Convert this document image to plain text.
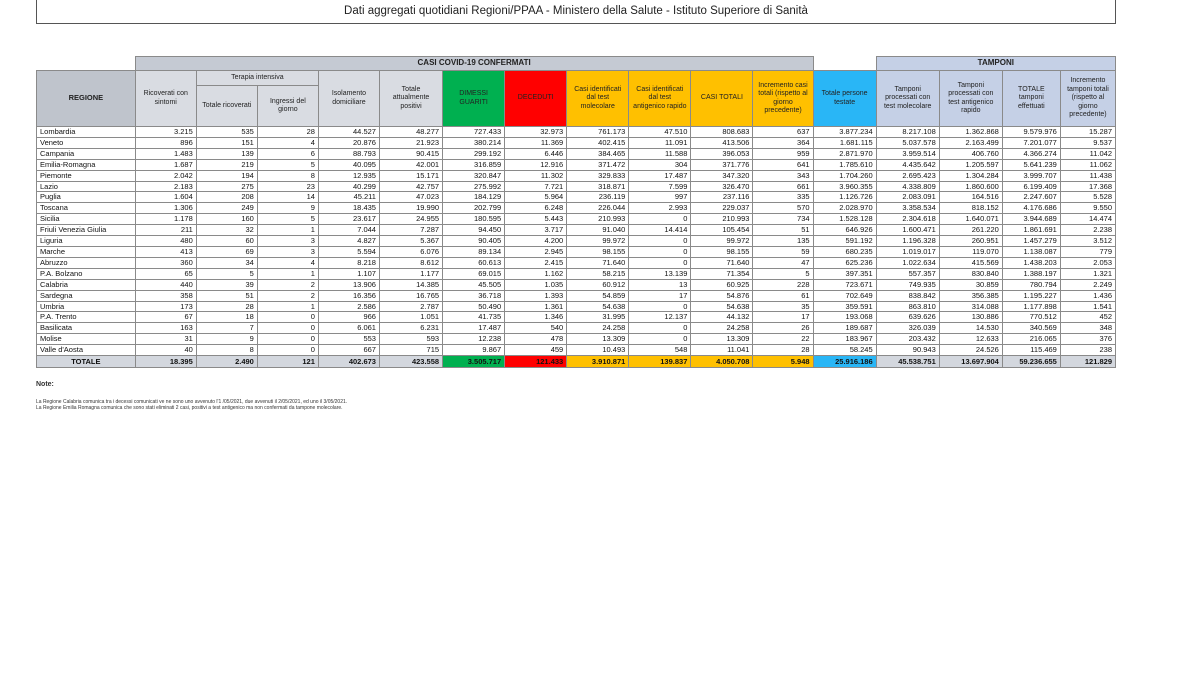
Dati aggregati quotidiani Regioni/PPAA - Ministero della Salute - Istituto Superiore di Sanità
	CASI COVID-19 CONFERMATI												TAMPONI			
REGIONE	Ricoverati con sintomi	Terapia intensiva		Isolamento domiciliare	Totale attualmente positivi	DIMESSI GUARITI	DECEDUTI	Casi identificati dal test molecolare	Casi identificati dal test antigenico rapido	CASI TOTALI	Incremento casi totali (rispetto al giorno precedente)	Totale persone testate	Tamponi processati con test molecolare	Tamponi processati con test antigenico rapido	TOTALE tamponi effettuati	Incremento tamponi totali (rispetto al giorno precedente)
		Totale ricoverati	Ingressi del giorno													
Lombardia	3.215	535	28	44.527	48.277	727.433	32.973	761.173	47.510	808.683	637	3.877.234	8.217.108	1.362.868	9.579.976	15.287
Veneto	896	151	4	20.876	21.923	380.214	11.369	402.415	11.091	413.506	364	1.681.115	5.037.578	2.163.499	7.201.077	9.537
Campania	1.483	139	6	88.793	90.415	299.192	6.446	384.465	11.588	396.053	959	2.871.970	3.959.514	406.760	4.366.274	11.042
Emilia-Romagna	1.687	219	5	40.095	42.001	316.859	12.916	371.472	304	371.776	641	1.785.610	4.435.642	1.205.597	5.641.239	11.062
Piemonte	2.042	194	8	12.935	15.171	320.847	11.302	329.833	17.487	347.320	343	1.704.260	2.695.423	1.304.284	3.999.707	11.438
Lazio	2.183	275	23	40.299	42.757	275.992	7.721	318.871	7.599	326.470	661	3.960.355	4.338.809	1.860.600	6.199.409	17.368
Puglia	1.604	208	14	45.211	47.023	184.129	5.964	236.119	997	237.116	335	1.126.726	2.083.091	164.516	2.247.607	5.528
Toscana	1.306	249	9	18.435	19.990	202.799	6.248	226.044	2.993	229.037	570	2.028.970	3.358.534	818.152	4.176.686	9.550
Sicilia	1.178	160	5	23.617	24.955	180.595	5.443	210.993	0	210.993	734	1.528.128	2.304.618	1.640.071	3.944.689	14.474
Friuli Venezia Giulia	211	32	1	7.044	7.287	94.450	3.717	91.040	14.414	105.454	51	646.926	1.600.471	261.220	1.861.691	2.238
Liguria	480	60	3	4.827	5.367	90.405	4.200	99.972	0	99.972	135	591.192	1.196.328	260.951	1.457.279	3.512
Marche	413	69	3	5.594	6.076	89.134	2.945	98.155	0	98.155	59	680.235	1.019.017	119.070	1.138.087	779
Abruzzo	360	34	4	8.218	8.612	60.613	2.415	71.640	0	71.640	47	625.236	1.022.634	415.569	1.438.203	2.053
P.A. Bolzano	65	5	1	1.107	1.177	69.015	1.162	58.215	13.139	71.354	5	397.351	557.357	830.840	1.388.197	1.321
Calabria	440	39	2	13.906	14.385	45.505	1.035	60.912	13	60.925	228	723.671	749.935	30.859	780.794	2.249
Sardegna	358	51	2	16.356	16.765	36.718	1.393	54.859	17	54.876	61	702.649	838.842	356.385	1.195.227	1.436
Umbria	173	28	1	2.586	2.787	50.490	1.361	54.638	0	54.638	35	359.591	863.810	314.088	1.177.898	1.541
P.A. Trento	67	18	0	966	1.051	41.735	1.346	31.995	12.137	44.132	17	193.068	639.626	130.886	770.512	452
Basilicata	163	7	0	6.061	6.231	17.487	540	24.258	0	24.258	26	189.687	326.039	14.530	340.569	348
Molise	31	9	0	553	593	12.238	478	13.309	0	13.309	22	183.967	203.432	12.633	216.065	376
Valle d'Aosta	40	8	0	667	715	9.867	459	10.493	548	11.041	28	58.245	90.943	24.526	115.469	238
TOTALE	18.395	2.490	121	402.673	423.558	3.505.717	121.433	3.910.871	139.837	4.050.708	5.948	25.916.186	45.538.751	13.697.904	59.236.655	121.829
Note:
La Regione Calabria comunica tra i decessi comunicati ve ne sono uno avvenuto l'1 /05/2021, due avvenuti il 2/05/2021, ed uno il 3/05/2021.
La Regione Emilia Romagna comunica che sono stati eliminati 2 casi, positivi a test antigenico ma non confermati da tampone molecolare.
